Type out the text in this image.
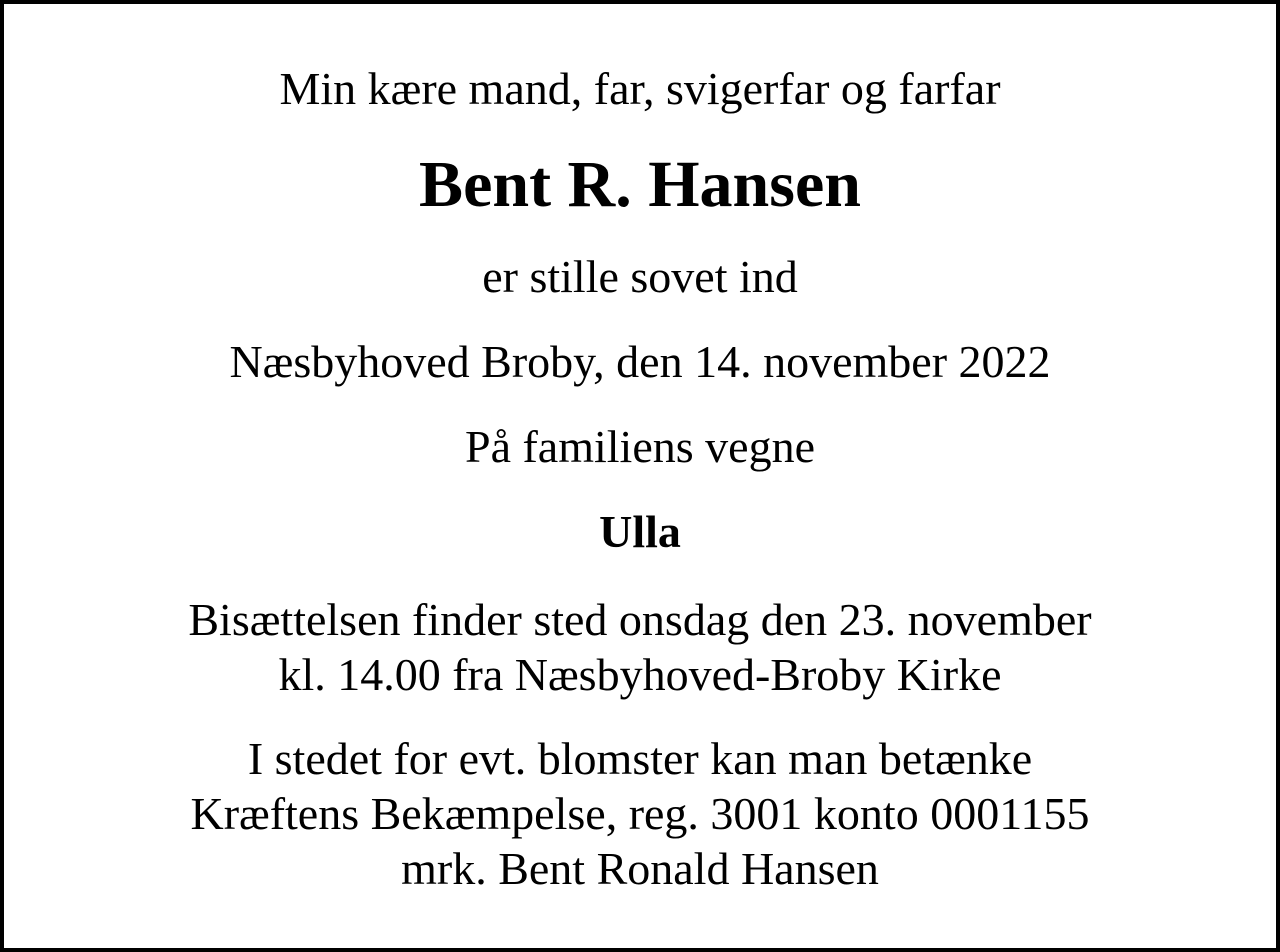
Min kære mand, far, svigerfar og farfar
Bent R. Hansen
er stille sovet ind
Næsbyhoved Broby, den 14. november 2022
På familiens vegne
Ulla
Bisættelsen finder sted onsdag den 23. november
kl. 14.00 fra Næsbyhoved-Broby Kirke
I stedet for evt. blomster kan man betænke
Kræftens Bekæmpelse, reg. 3001 konto 0001155
mrk. Bent Ronald Hansen
